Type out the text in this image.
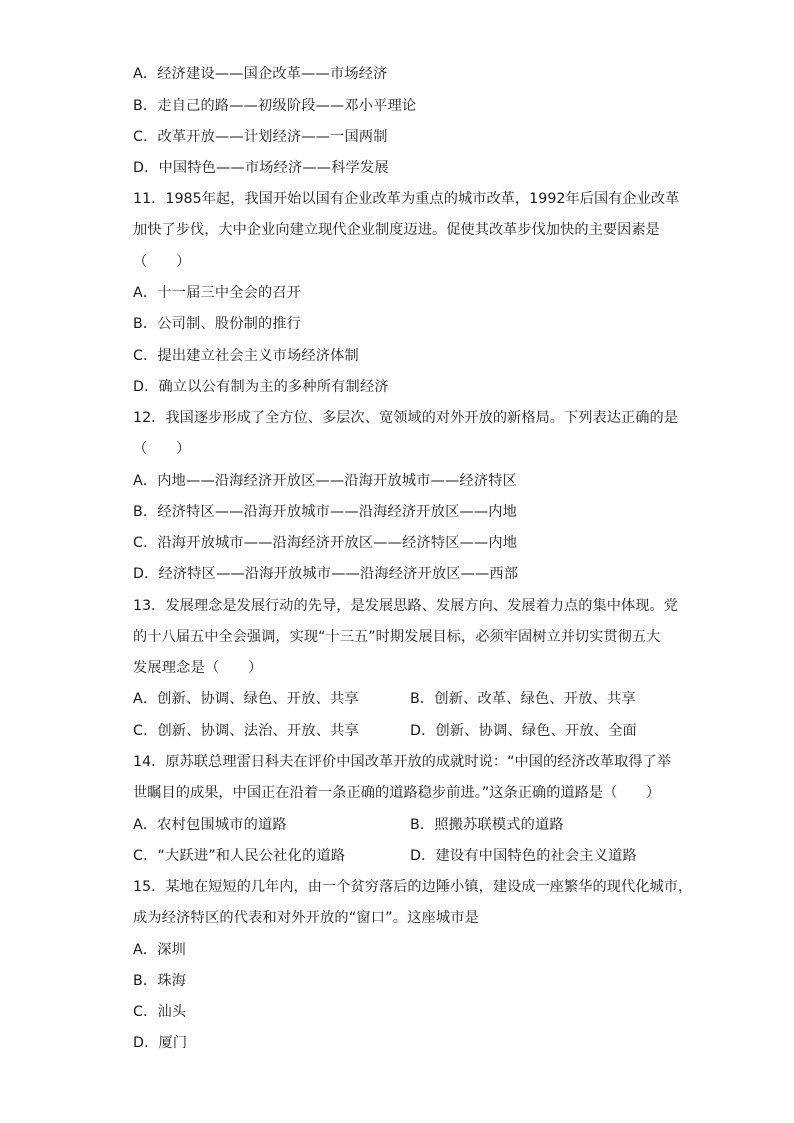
A．经济建设——国企改革——市场经济
B．走自己的路——初级阶段——邓小平理论
C．改革开放——计划经济——一国两制
D．中国特色——市场经济——科学发展
11．1985年起，我国开始以国有企业改革为重点的城市改革，1992年后国有企业改革
加快了步伐，大中企业向建立现代企业制度迈进。促使其改革步伐加快的主要因素是
（　　）
A．十一届三中全会的召开
B．公司制、股份制的推行
C．提出建立社会主义市场经济体制
D．确立以公有制为主的多种所有制经济
12．我国逐步形成了全方位、多层次、宽领域的对外开放的新格局。下列表达正确的是
（　　）
A．内地——沿海经济开放区——沿海开放城市——经济特区
B．经济特区——沿海开放城市——沿海经济开放区——内地
C．沿海开放城市——沿海经济开放区——经济特区——内地
D．经济特区——沿海开放城市——沿海经济开放区——西部
13．发展理念是发展行动的先导，是发展思路、发展方向、发展着力点的集中体现。党
的十八届五中全会强调，实现“十三五”时期发展目标，必须牢固树立并切实贯彻五大
发展理念是（　　）
A．创新、协调、绿色、开放、共享	B．创新、改革、绿色、开放、共享
C．创新、协调、法治、开放、共享	D．创新、协调、绿色、开放、全面
14．原苏联总理雷日科夫在评价中国改革开放的成就时说：“中国的经济改革取得了举
世瞩目的成果，中国正在沿着一条正确的道路稳步前进。”这条正确的道路是（　　）
A．农村包围城市的道路	B．照搬苏联模式的道路
C．“大跃进”和人民公社化的道路	D．建设有中国特色的社会主义道路
15．某地在短短的几年内，由一个贫穷落后的边陲小镇，建设成一座繁华的现代化城市，
成为经济特区的代表和对外开放的“窗口”。这座城市是
A．深圳
B．珠海
C．汕头
D．厦门
